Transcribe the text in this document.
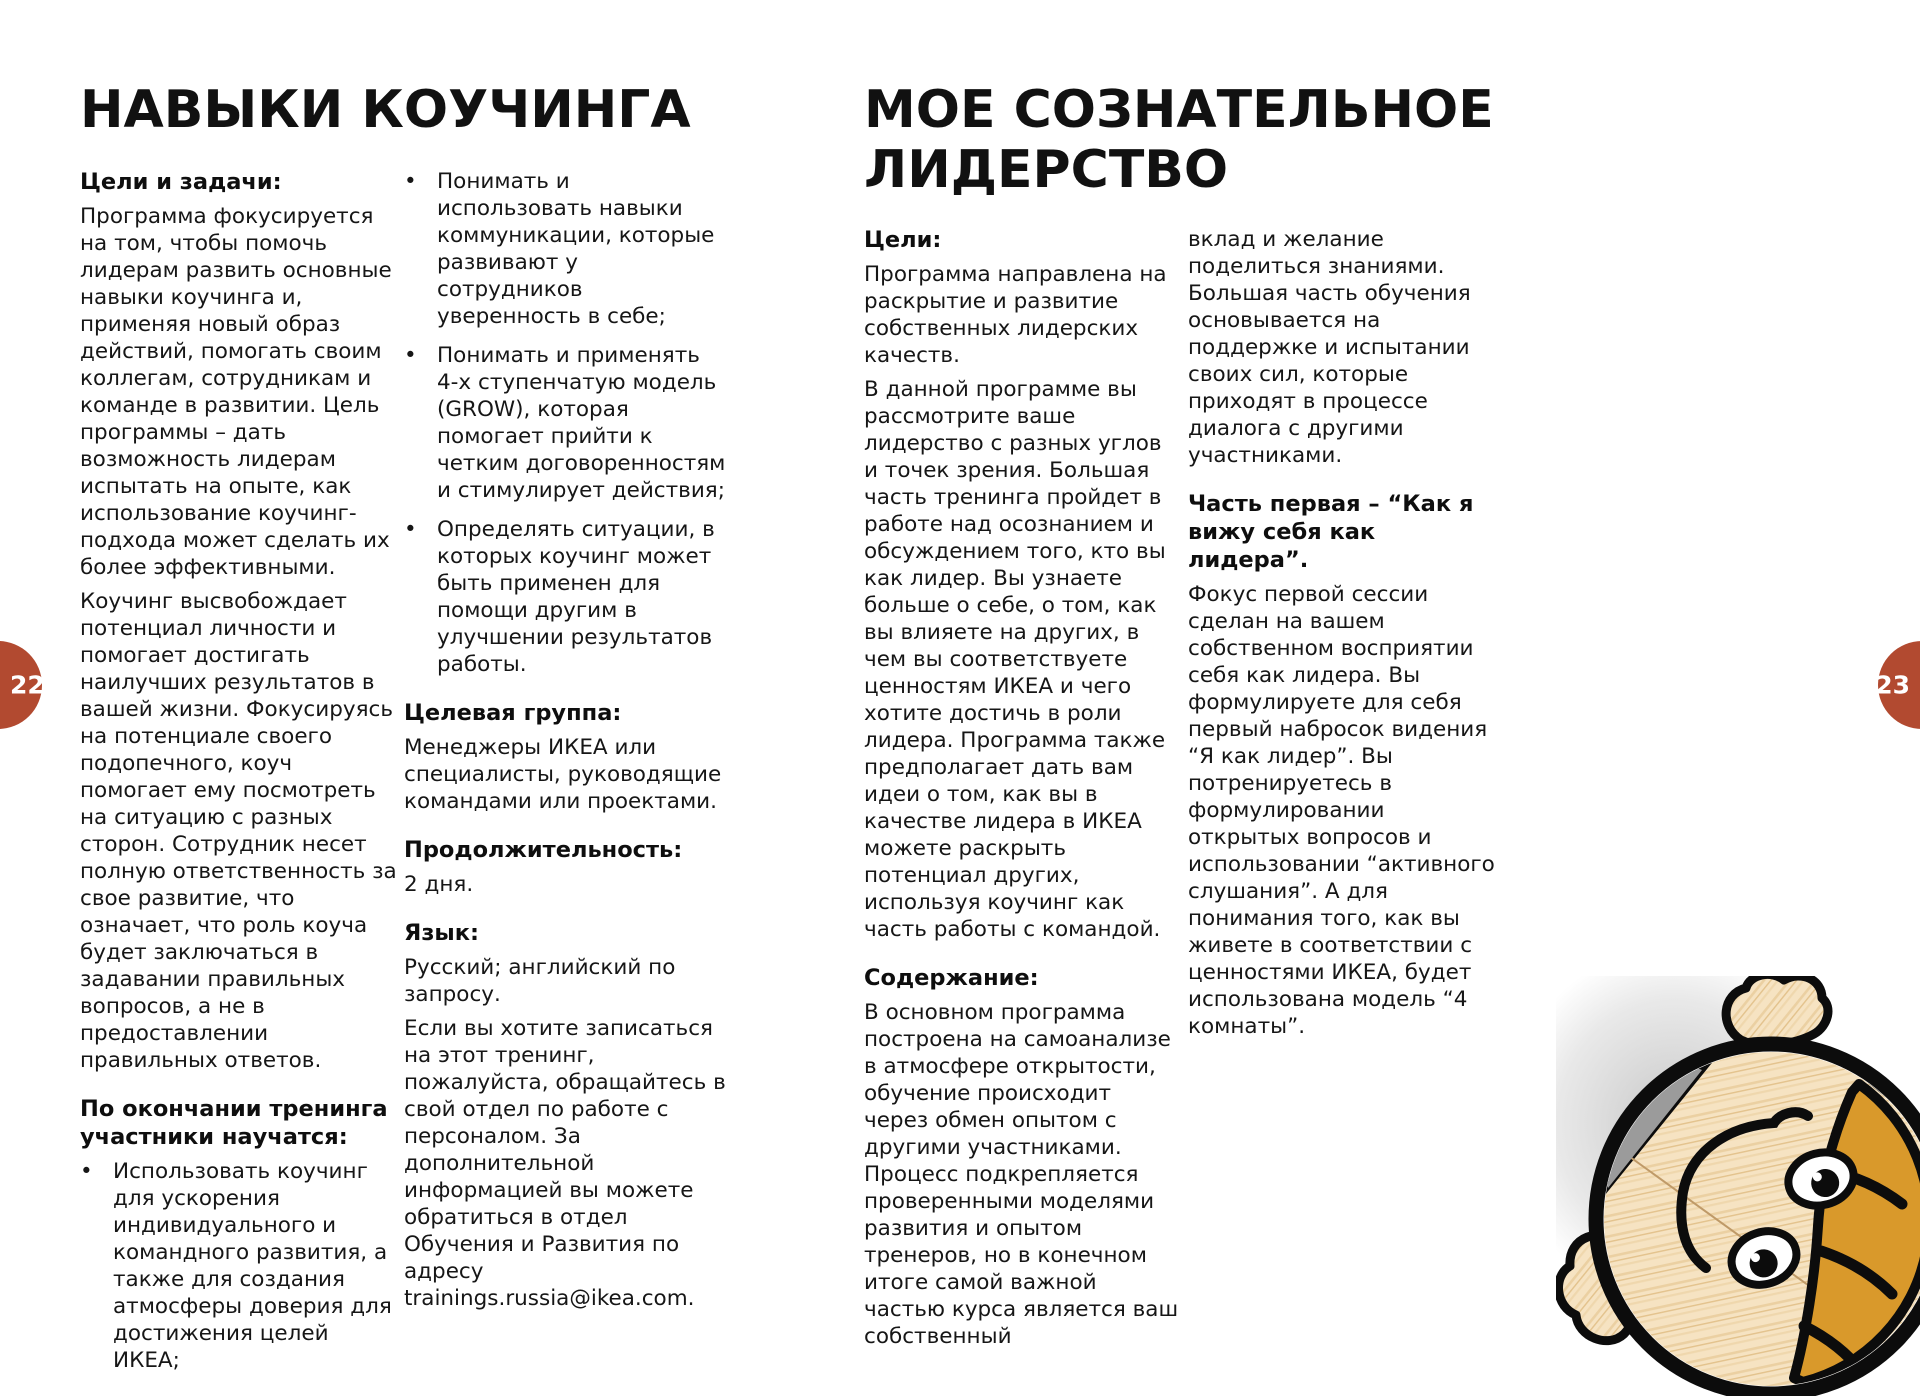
НАВЫКИ КОУЧИНГА
Цели и задачи:

Программа фокусируется на том, чтобы помочь лидерам развить основные навыки коучинга и, применяя новый образ действий, помогать своим коллегам, сотрудникам и команде в развитии. Цель программы – дать возможность лидерам испытать на опыте, как использование коучинг-подхода может сделать их более эффективными.

Коучинг высвобождает потенциал личности и помогает достигать наилучших результатов в вашей жизни. Фокусируясь на потенциале своего подопечного, коуч помогает ему посмотреть на ситуацию с разных сторон. Сотрудник несет полную ответственность за свое развитие, что означает, что роль коуча будет заключаться в задавании правильных вопросов, а не в предоставлении правильных ответов.

По окончании тренинга участники научатся:
• Использовать коучинг для ускорения индивидуального и командного развития, а также для создания атмосферы доверия для достижения целей ИКЕА;
• Понимать и использовать навыки коммуникации, которые развивают у сотрудников уверенность в себе;
• Понимать и применять 4-х ступенчатую модель (GROW), которая помогает прийти к четким договоренностям и стимулирует действия;
• Определять ситуации, в которых коучинг может быть применен для помощи другим в улучшении результатов работы.
Целевая группа:

Менеджеры ИКЕА или специалисты, руководящие командами или проектами.

Продолжительность:

2 дня.

Язык:

Русский; английский по запросу.

Если вы хотите записаться на этот тренинг, пожалуйста, обращайтесь в свой отдел по работе с персоналом. За дополнительной информацией вы можете обратиться в отдел Обучения и Развития по адресу trainings.russia@ikea.com.

МОЕ СОЗНАТЕЛЬНОЕ ЛИДЕРСТВО
Цели:

Программа направлена на раскрытие и развитие собственных лидерских качеств.

В данной программе вы рассмотрите ваше лидерство с разных углов и точек зрения. Большая часть тренинга пройдет в работе над осознанием и обсуждением того, кто вы как лидер. Вы узнаете больше о себе, о том, как вы влияете на других, в чем вы соответствуете ценностям ИКЕА и чего хотите достичь в роли лидера. Программа также предполагает дать вам идеи о том, как вы в качестве лидера в ИКЕА можете раскрыть потенциал других, используя коучинг как часть работы с командой.

Содержание:

В основном программа построена на самоанализе в атмосфере открытости, обучение происходит через обмен опытом с другими участниками. Процесс подкрепляется проверенными моделями развития и опытом тренеров, но в конечном итоге самой важной частью курса является ваш собственный

вклад и желание поделиться знаниями. Большая часть обучения основывается на поддержке и испытании своих сил, которые приходят в процессе диалога с другими участниками.

Часть первая – “Как я вижу себя как лидера”.

Фокус первой сессии сделан на вашем собственном восприятии себя как лидера. Вы формулируете для себя первый набросок видения “Я как лидер”. Вы потренируетесь в формулировании открытых вопросов и использовании “активного слушания”. А для понимания того, как вы живете в соответствии с ценностями ИКЕА, будет использована модель “4 комнаты”.

22	23
